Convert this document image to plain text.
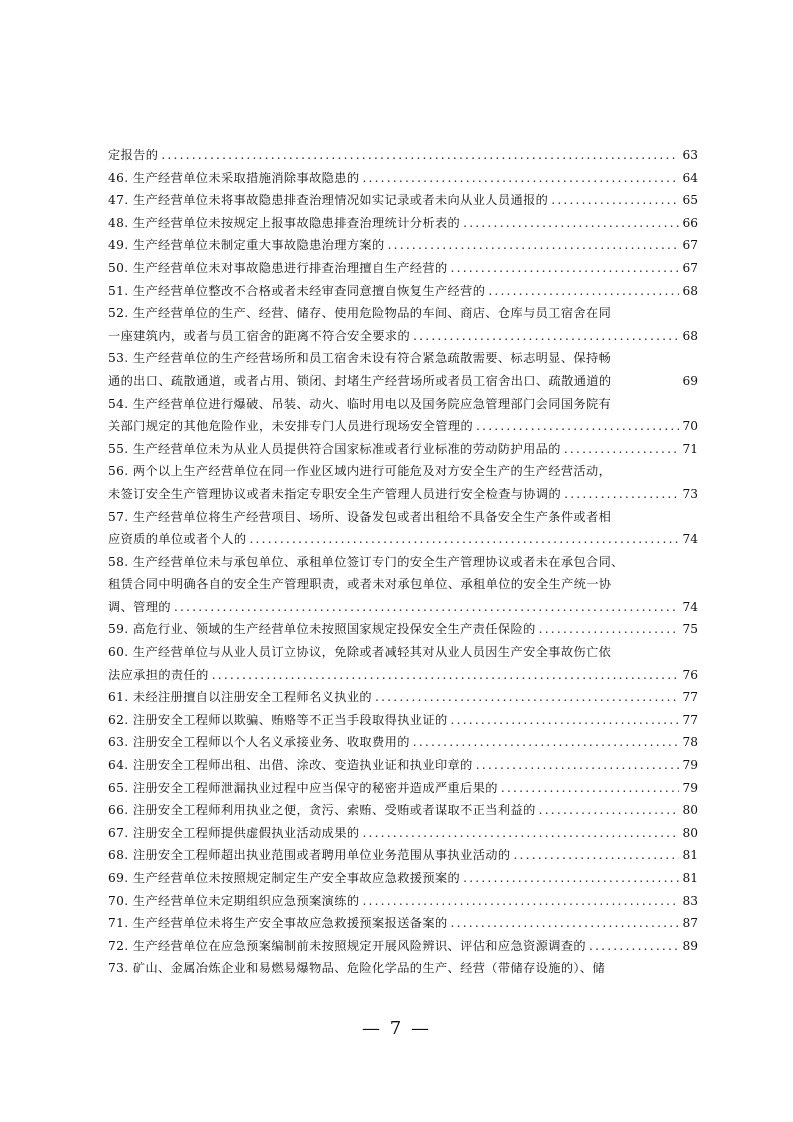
定报告的 .....	63
46. 生产经营单位未采取措施消除事故隐患的 .....	64
47. 生产经营单位未将事故隐患排查治理情况如实记录或者未向从业人员通报的 .....	65
48. 生产经营单位未按规定上报事故隐患排查治理统计分析表的 .....	66
49. 生产经营单位未制定重大事故隐患治理方案的 .....	67
50. 生产经营单位未对事故隐患进行排查治理擅自生产经营的 .....	67
51. 生产经营单位整改不合格或者未经审查同意擅自恢复生产经营的 .....	68
52. 生产经营单位的生产、经营、储存、使用危险物品的车间、商店、仓库与员工宿舍在同
一座建筑内，或者与员工宿舍的距离不符合安全要求的 .....	68
53. 生产经营单位的生产经营场所和员工宿舍未设有符合紧急疏散需要、标志明显、保持畅
通的出口、疏散通道，或者占用、锁闭、封堵生产经营场所或者员工宿舍出口、疏散通道的	69
54. 生产经营单位进行爆破、吊装、动火、临时用电以及国务院应急管理部门会同国务院有
关部门规定的其他危险作业，未安排专门人员进行现场安全管理的 .....	70
55. 生产经营单位未为从业人员提供符合国家标准或者行业标准的劳动防护用品的 .....	71
56. 两个以上生产经营单位在同一作业区域内进行可能危及对方安全生产的生产经营活动，
未签订安全生产管理协议或者未指定专职安全生产管理人员进行安全检查与协调的 .....	73
57. 生产经营单位将生产经营项目、场所、设备发包或者出租给不具备安全生产条件或者相
应资质的单位或者个人的 .....	74
58. 生产经营单位未与承包单位、承租单位签订专门的安全生产管理协议或者未在承包合同、
租赁合同中明确各自的安全生产管理职责，或者未对承包单位、承租单位的安全生产统一协
调、管理的 .....	74
59. 高危行业、领域的生产经营单位未按照国家规定投保安全生产责任保险的 .....	75
60. 生产经营单位与从业人员订立协议，免除或者减轻其对从业人员因生产安全事故伤亡依
法应承担的责任的 .....	76
61. 未经注册擅自以注册安全工程师名义执业的 .....	77
62. 注册安全工程师以欺骗、贿赂等不正当手段取得执业证的 .....	77
63. 注册安全工程师以个人名义承接业务、收取费用的 .....	78
64. 注册安全工程师出租、出借、涂改、变造执业证和执业印章的 .....	79
65. 注册安全工程师泄漏执业过程中应当保守的秘密并造成严重后果的 .....	79
66. 注册安全工程师利用执业之便，贪污、索贿、受贿或者谋取不正当利益的 .....	80
67. 注册安全工程师提供虚假执业活动成果的 .....	80
68. 注册安全工程师超出执业范围或者聘用单位业务范围从事执业活动的 .....	81
69. 生产经营单位未按照规定制定生产安全事故应急救援预案的 .....	81
70. 生产经营单位未定期组织应急预案演练的 .....	83
71. 生产经营单位未将生产安全事故应急救援预案报送备案的 .....	87
72. 生产经营单位在应急预案编制前未按照规定开展风险辨识、评估和应急资源调查的 .....	89
73. 矿山、金属冶炼企业和易燃易爆物品、危险化学品的生产、经营（带储存设施的）、储
— 7 —
